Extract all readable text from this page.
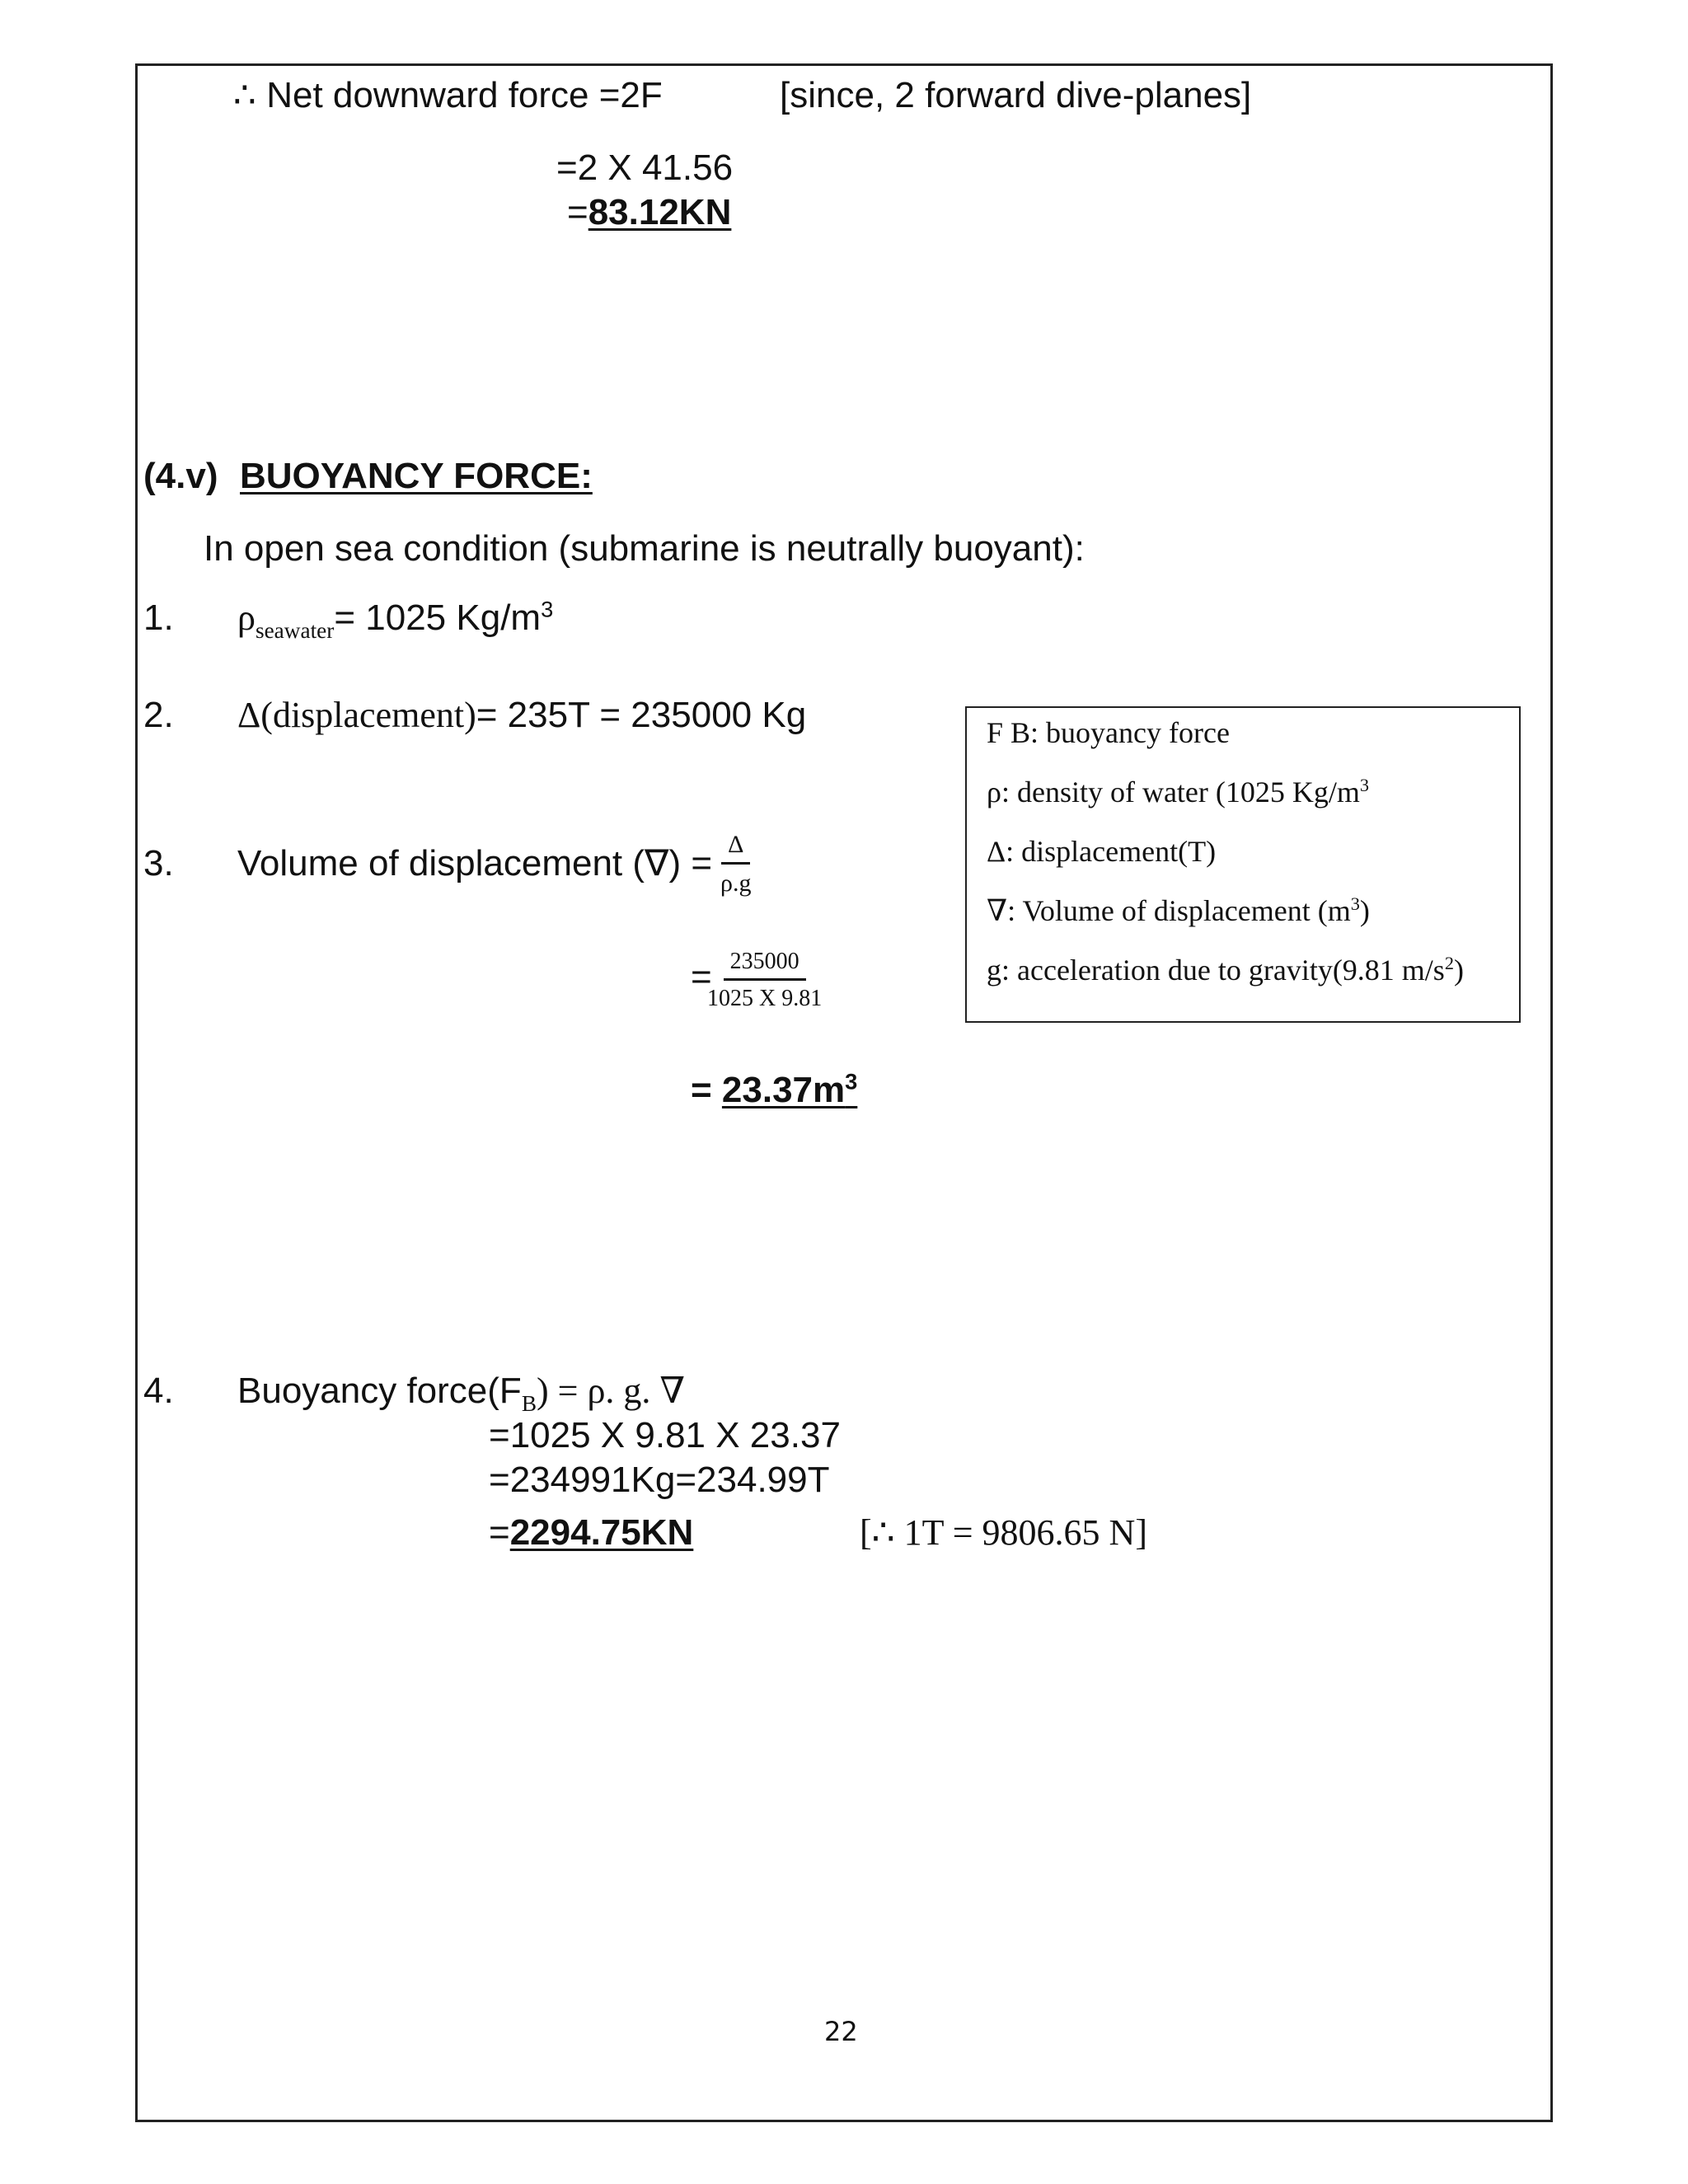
∴ Net downward force =2F	[since, 2 forward dive-planes]
=2 X 41.56
=83.12KN
(4.v) BUOYANCY FORCE:
In open sea condition (submarine is neutrally buoyant):
1. $\rho_{seawater}= 1025$ $Kg/m^3$
2. Δ(displacement)= 235T = 235000 Kg
3. Volume of displacement (∇) = $\frac{\Delta}{\rho.g}$
=
$\frac{235000}{1025 X 9.81}$
= $23.37m^3$
4. Buoyancy $force(F_B) = \rho$. g. ∇
=1025 X 9.81 X 23.37
=234991Kg=234.99T
=2294.75KN	[∴ 1T = 9806.65 N]
F B: buoyancy force
ρ: density of water (1025 $Kg/m^3$
Δ: displacement(T)
∇: Volume of displacement $(m^3)$
g: acceleration due to gravity(9.81 $m/s^2$)
22
